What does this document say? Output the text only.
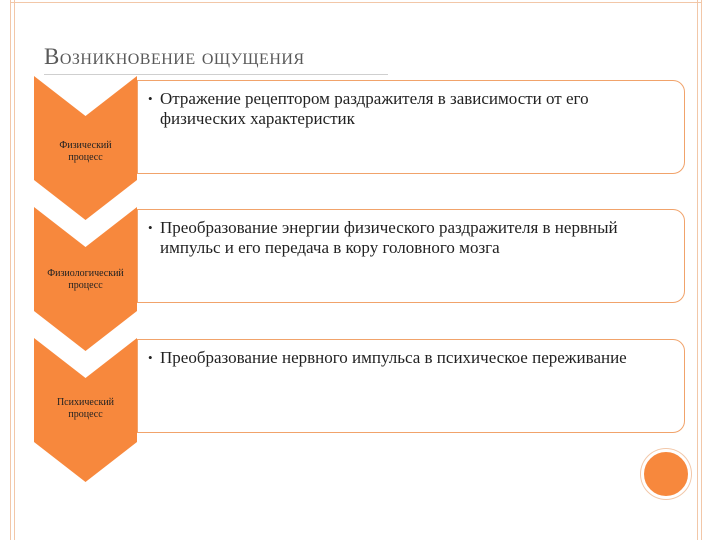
Возникновение ощущения
Физический
процесс
• Отражение рецептором раздражителя в зависимости от его физических характеристик
Физиологический
процесс
• Преобразование энергии физического раздражителя в нервный импульс и его передача в кору головного мозга
Психический
процесс
• Преобразование нервного импульса в психическое переживание
